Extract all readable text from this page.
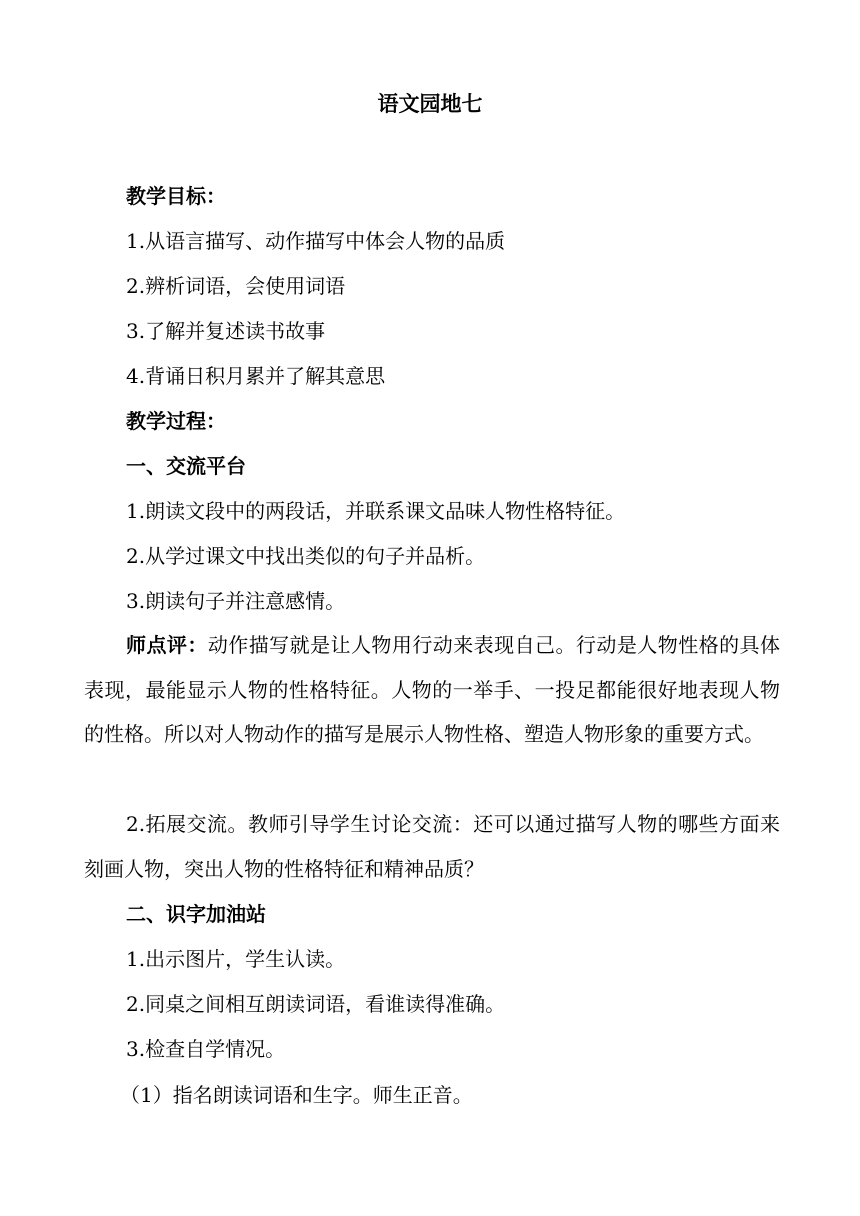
语文园地七
教学目标：
1.从语言描写、动作描写中体会人物的品质
2.辨析词语，会使用词语
3.了解并复述读书故事
4.背诵日积月累并了解其意思
教学过程：
一、交流平台
1.朗读文段中的两段话，并联系课文品味人物性格特征。
2.从学过课文中找出类似的句子并品析。
3.朗读句子并注意感情。
师点评：动作描写就是让人物用行动来表现自己。行动是人物性格的具体表现，最能显示人物的性格特征。人物的一举手、一投足都能很好地表现人物的性格。所以对人物动作的描写是展示人物性格、塑造人物形象的重要方式。
2.拓展交流。教师引导学生讨论交流：还可以通过描写人物的哪些方面来刻画人物，突出人物的性格特征和精神品质？
二、识字加油站
1.出示图片，学生认读。
2.同桌之间相互朗读词语，看谁读得准确。
3.检查自学情况。
（1）指名朗读词语和生字。师生正音。
